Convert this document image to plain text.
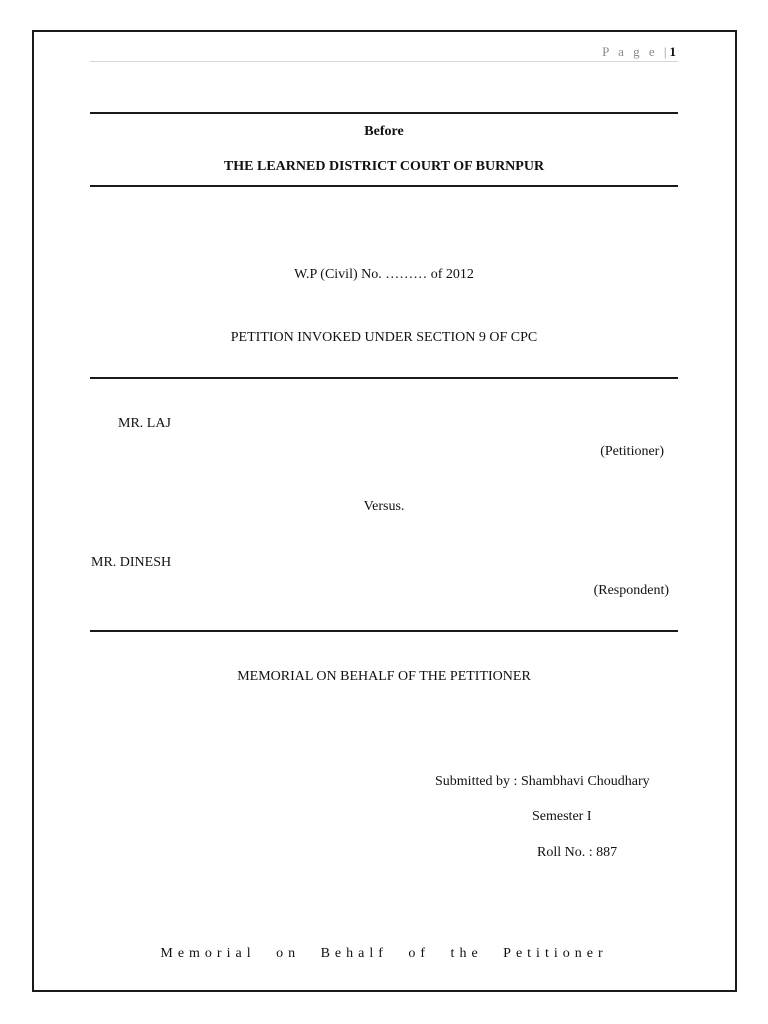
P a g e |1
Before
THE LEARNED DISTRICT COURT OF BURNPUR
W.P (Civil) No. ……… of 2012
PETITION INVOKED UNDER SECTION 9 OF CPC
MR. LAJ
(Petitioner)
Versus.
MR. DINESH
(Respondent)
MEMORIAL ON BEHALF OF THE PETITIONER
Submitted by : Shambhavi Choudhary
Semester I
Roll No. : 887
Memorial on Behalf of the Petitioner
